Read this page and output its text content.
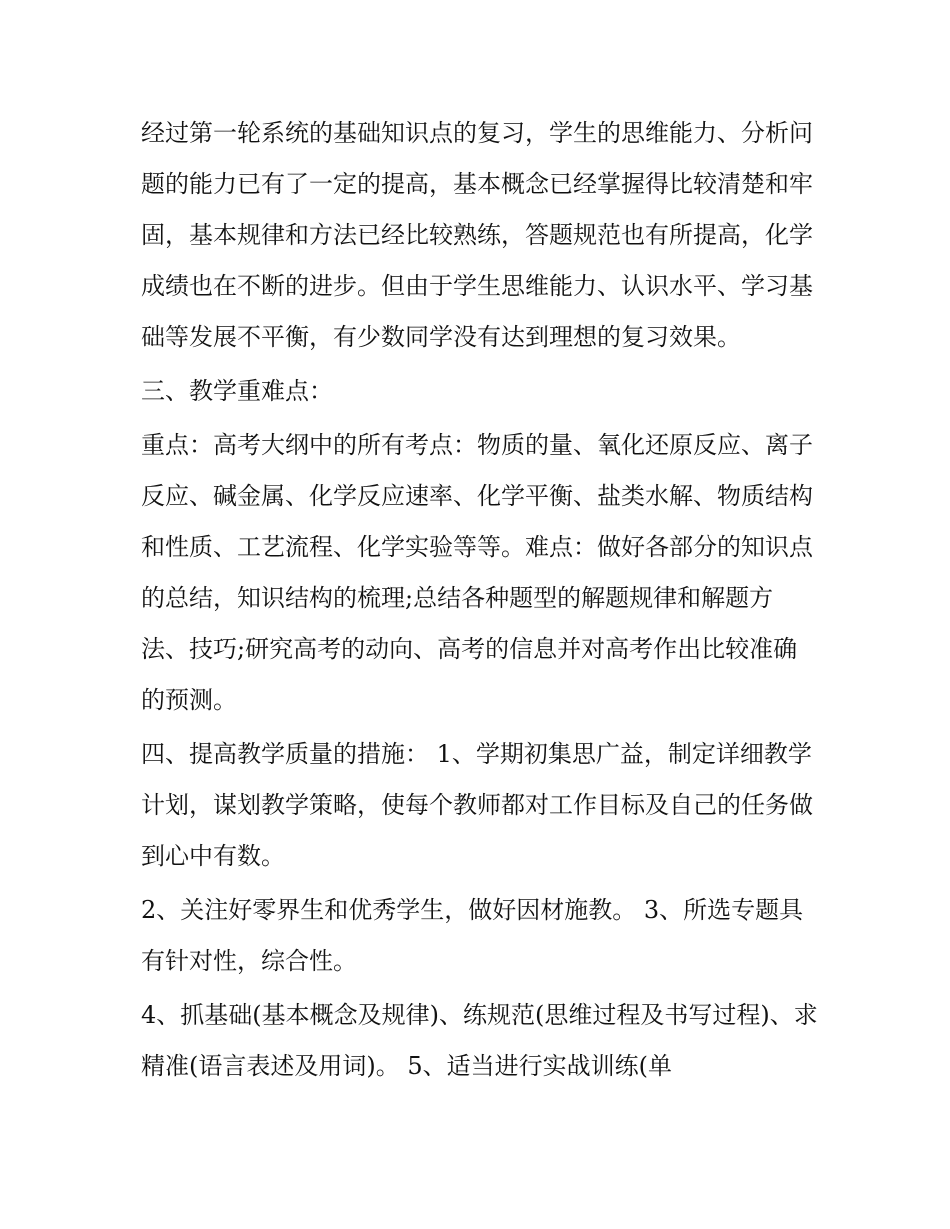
经过第一轮系统的基础知识点的复习，学生的思维能力、分析问题的能力已有了一定的提高，基本概念已经掌握得比较清楚和牢固，基本规律和方法已经比较熟练，答题规范也有所提高，化学成绩也在不断的进步。但由于学生思维能力、认识水平、学习基础等发展不平衡，有少数同学没有达到理想的复习效果。

三、教学重难点：

重点：高考大纲中的所有考点：物质的量、氧化还原反应、离子反应、碱金属、化学反应速率、化学平衡、盐类水解、物质结构和性质、工艺流程、化学实验等等。难点：做好各部分的知识点的总结，知识结构的梳理;总结各种题型的解题规律和解题方法、技巧;研究高考的动向、高考的信息并对高考作出比较准确的预测。

四、提高教学质量的措施： 1、学期初集思广益，制定详细教学计划，谋划教学策略，使每个教师都对工作目标及自己的任务做到心中有数。

2、关注好零界生和优秀学生，做好因材施教。 3、所选专题具有针对性，综合性。

4、抓基础(基本概念及规律)、练规范(思维过程及书写过程)、求精准(语言表述及用词)。 5、适当进行实战训练(单
